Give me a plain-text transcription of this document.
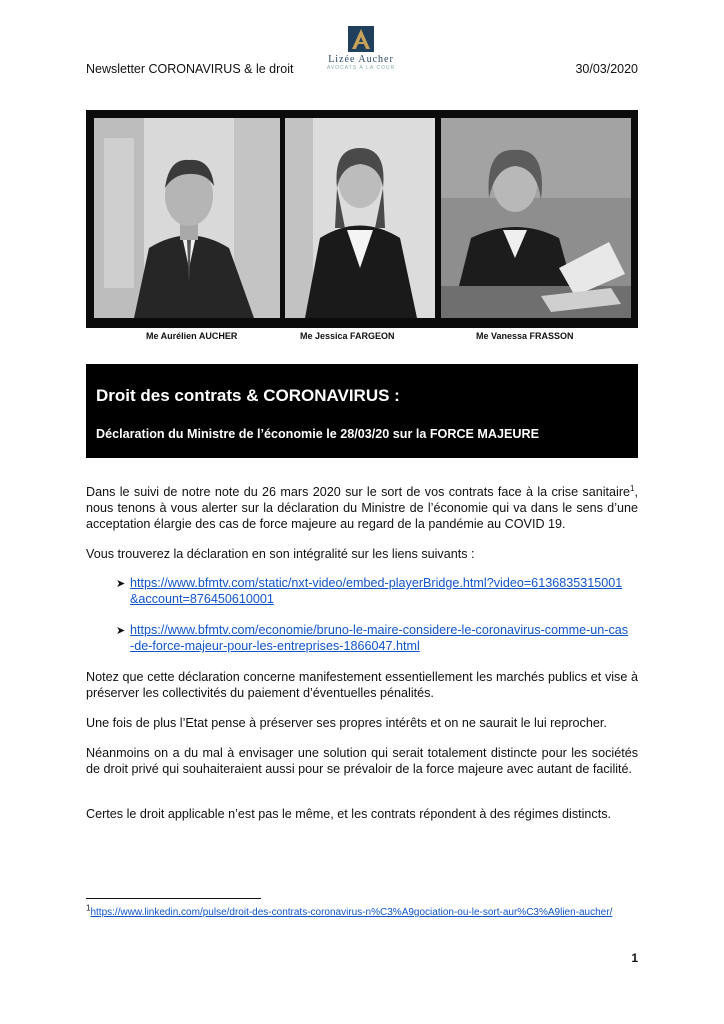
Newsletter CORONAVIRUS & le droit	30/03/2020
Lizée Aucher
AVOCATS À LA COUR
Me Aurélien AUCHER	Me Jessica FARGEON	Me Vanessa FRASSON
Droit des contrats & CORONAVIRUS :
Déclaration du Ministre de l’économie le 28/03/20 sur la FORCE MAJEURE
Dans le suivi de notre note du 26 mars 2020 sur le sort de vos contrats face à la crise sanitaire$^1$, nous tenons à vous alerter sur la déclaration du Ministre de l’économie qui va dans le sens d’une acceptation élargie des cas de force majeure au regard de la pandémie au COVID 19.
Vous trouverez la déclaration en son intégralité sur les liens suivants :
➤ https://www.bfmtv.com/static/nxt-video/embed-playerBridge.html?video=6136835315001&account=876450610001
➤ https://www.bfmtv.com/economie/bruno-le-maire-considere-le-coronavirus-comme-un-cas-de-force-majeur-pour-les-entreprises-1866047.html
Notez que cette déclaration concerne manifestement essentiellement les marchés publics et vise à préserver les collectivités du paiement d’éventuelles pénalités.
Une fois de plus l’Etat pense à préserver ses propres intérêts et on ne saurait le lui reprocher.
Néanmoins on a du mal à envisager une solution qui serait totalement distincte pour les sociétés de droit privé qui souhaiteraient aussi pour se prévaloir de la force majeure avec autant de facilité.
Certes le droit applicable n’est pas le même, et les contrats répondent à des régimes distincts.
$^1$https://www.linkedin.com/pulse/droit-des-contrats-coronavirus-n%C3%A9gociation-ou-le-sort-aur%C3%A9lien-aucher/
1
